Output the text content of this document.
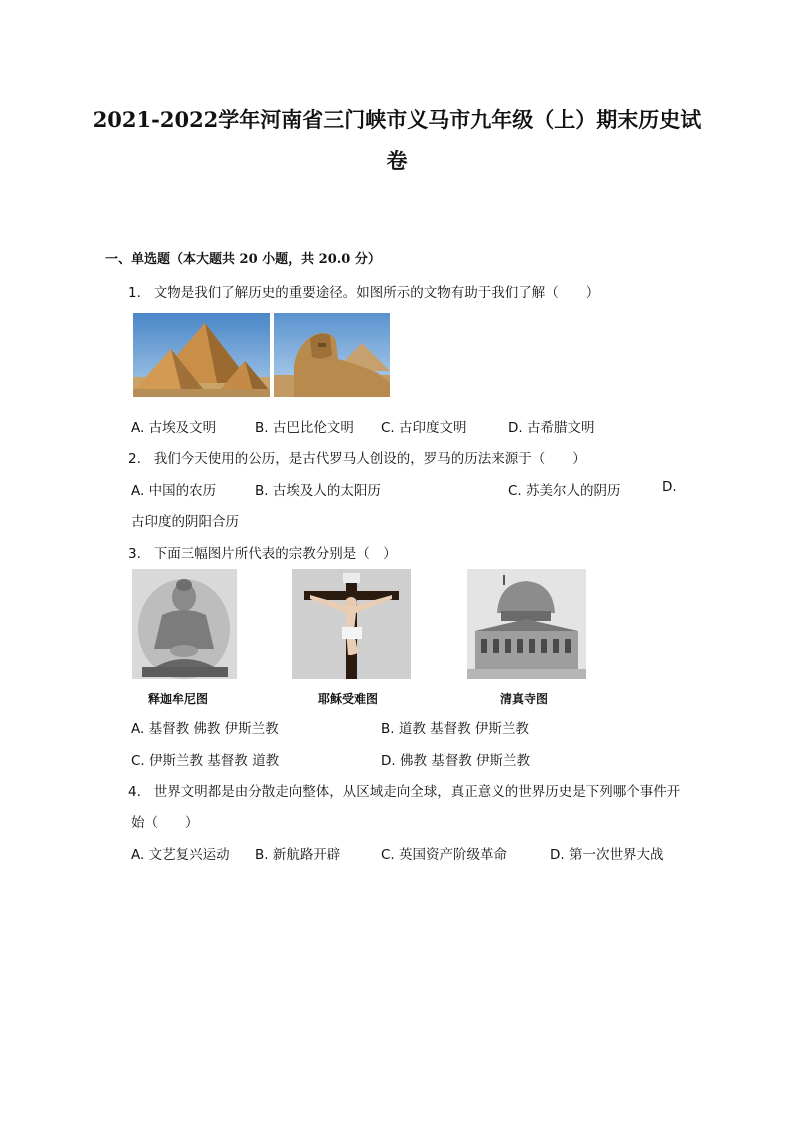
2021-2022学年河南省三门峡市义马市九年级（上）期末历史试
卷
一、单选题（本大题共 20 小题，共 20.0 分）
1. 文物是我们了解历史的重要途径。如图所示的文物有助于我们了解（　　）
A. 古埃及文明	B. 古巴比伦文明 C. 古印度文明	D. 古希腊文明
2. 我们今天使用的公历，是古代罗马人创设的，罗马的历法来源于（　　）
A. 中国的农历	B. 古埃及人的太阳历	C. 苏美尔人的阴历	D.
古印度的阴阳合历
3. 下面三幅图片所代表的宗教分别是（　）
释迦牟尼图	耶稣受难图	清真寺图
A. 基督教 佛教 伊斯兰教	B. 道教 基督教 伊斯兰教
C. 伊斯兰教 基督教 道教	D. 佛教 基督教 伊斯兰教
4. 世界文明都是由分散走向整体，从区域走向全球，真正意义的世界历史是下列哪个事件开
始（　　）
A. 文艺复兴运动 B. 新航路开辟	C. 英国资产阶级革命	D. 第一次世界大战
